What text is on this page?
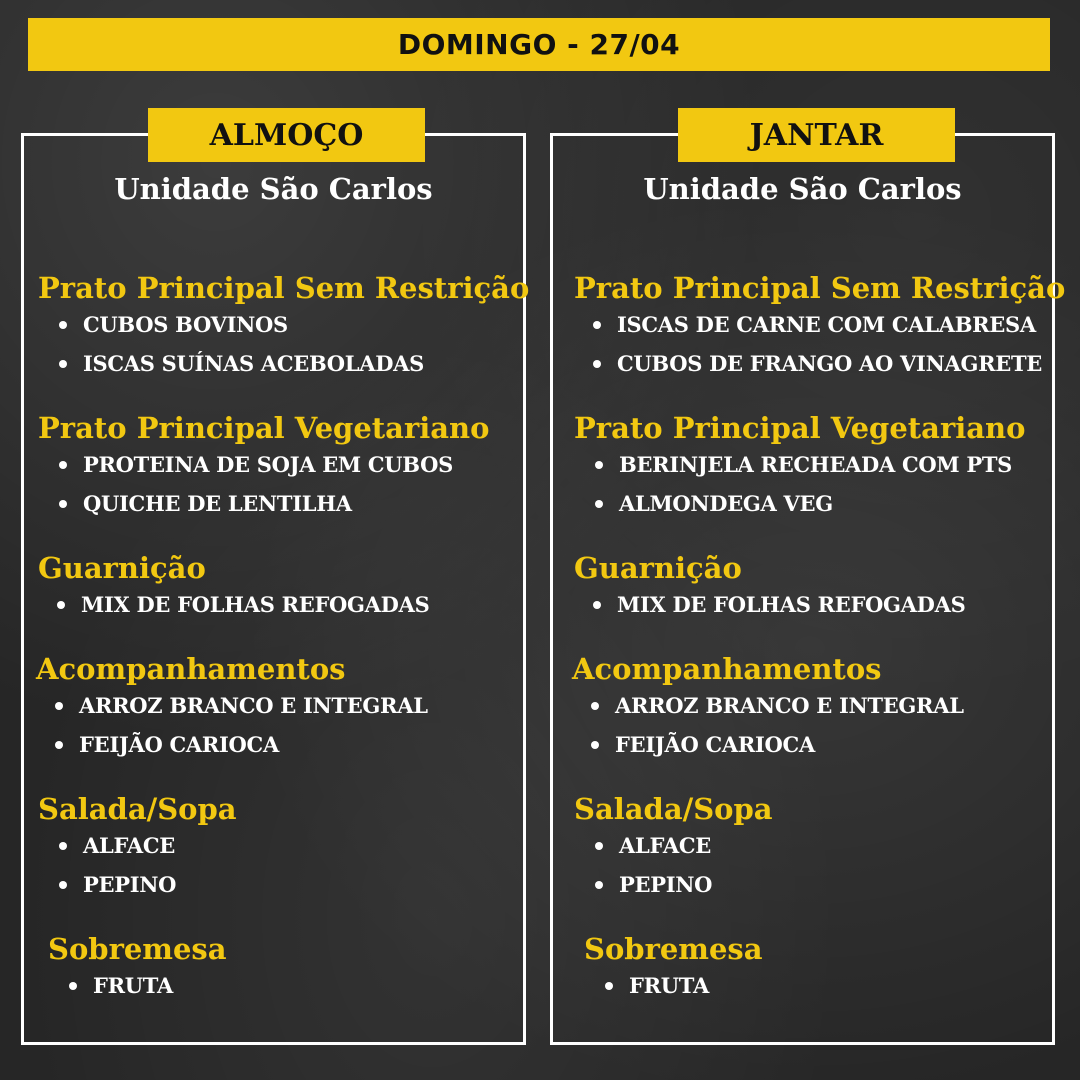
DOMINGO - 27/04
ALMOÇO
Unidade São Carlos
Prato Principal Sem Restrição
CUBOS BOVINOS
ISCAS SUÍNAS ACEBOLADAS
Prato Principal Vegetariano
PROTEINA DE SOJA EM CUBOS
QUICHE DE LENTILHA
Guarnição
MIX DE FOLHAS REFOGADAS
Acompanhamentos
ARROZ BRANCO E INTEGRAL
FEIJÃO CARIOCA
Salada/Sopa
ALFACE
PEPINO
Sobremesa
FRUTA
JANTAR
Unidade São Carlos
Prato Principal Sem Restrição
ISCAS DE CARNE COM CALABRESA
CUBOS DE FRANGO AO VINAGRETE
Prato Principal Vegetariano
BERINJELA RECHEADA COM PTS
ALMONDEGA VEG
Guarnição
MIX DE FOLHAS REFOGADAS
Acompanhamentos
ARROZ BRANCO E INTEGRAL
FEIJÃO CARIOCA
Salada/Sopa
ALFACE
PEPINO
Sobremesa
FRUTA
